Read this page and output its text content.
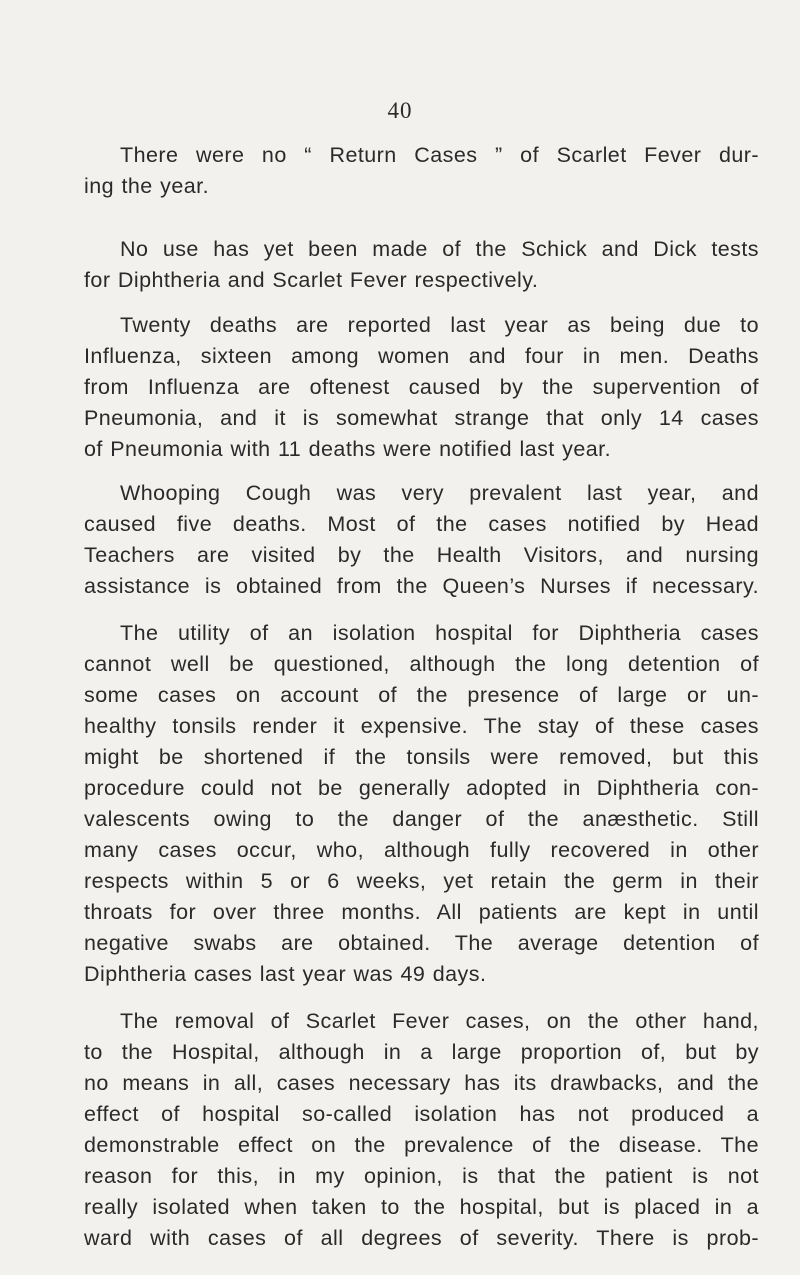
40
There were no “ Return Cases ” of Scarlet Fever dur-
ing the year.
No use has yet been made of the Schick and Dick tests
for Diphtheria and Scarlet Fever respectively.
Twenty deaths are reported last year as being due to
Influenza, sixteen among women and four in men. Deaths
from Influenza are oftenest caused by the supervention of
Pneumonia, and it is somewhat strange that only 14 cases
of Pneumonia with 11 deaths were notified last year.
Whooping Cough was very prevalent last year, and
caused five deaths. Most of the cases notified by Head
Teachers are visited by the Health Visitors, and nursing
assistance is obtained from the Queen’s Nurses if necessary.
The utility of an isolation hospital for Diphtheria cases
cannot well be questioned, although the long detention of
some cases on account of the presence of large or un-
healthy tonsils render it expensive. The stay of these cases
might be shortened if the tonsils were removed, but this
procedure could not be generally adopted in Diphtheria con-
valescents owing to the danger of the anæsthetic. Still
many cases occur, who, although fully recovered in other
respects within 5 or 6 weeks, yet retain the germ in their
throats for over three months. All patients are kept in until
negative swabs are obtained. The average detention of
Diphtheria cases last year was 49 days.
The removal of Scarlet Fever cases, on the other hand,
to the Hospital, although in a large proportion of, but by
no means in all, cases necessary has its drawbacks, and the
effect of hospital so-called isolation has not produced a
demonstrable effect on the prevalence of the disease. The
reason for this, in my opinion, is that the patient is not
really isolated when taken to the hospital, but is placed in a
ward with cases of all degrees of severity. There is prob-
